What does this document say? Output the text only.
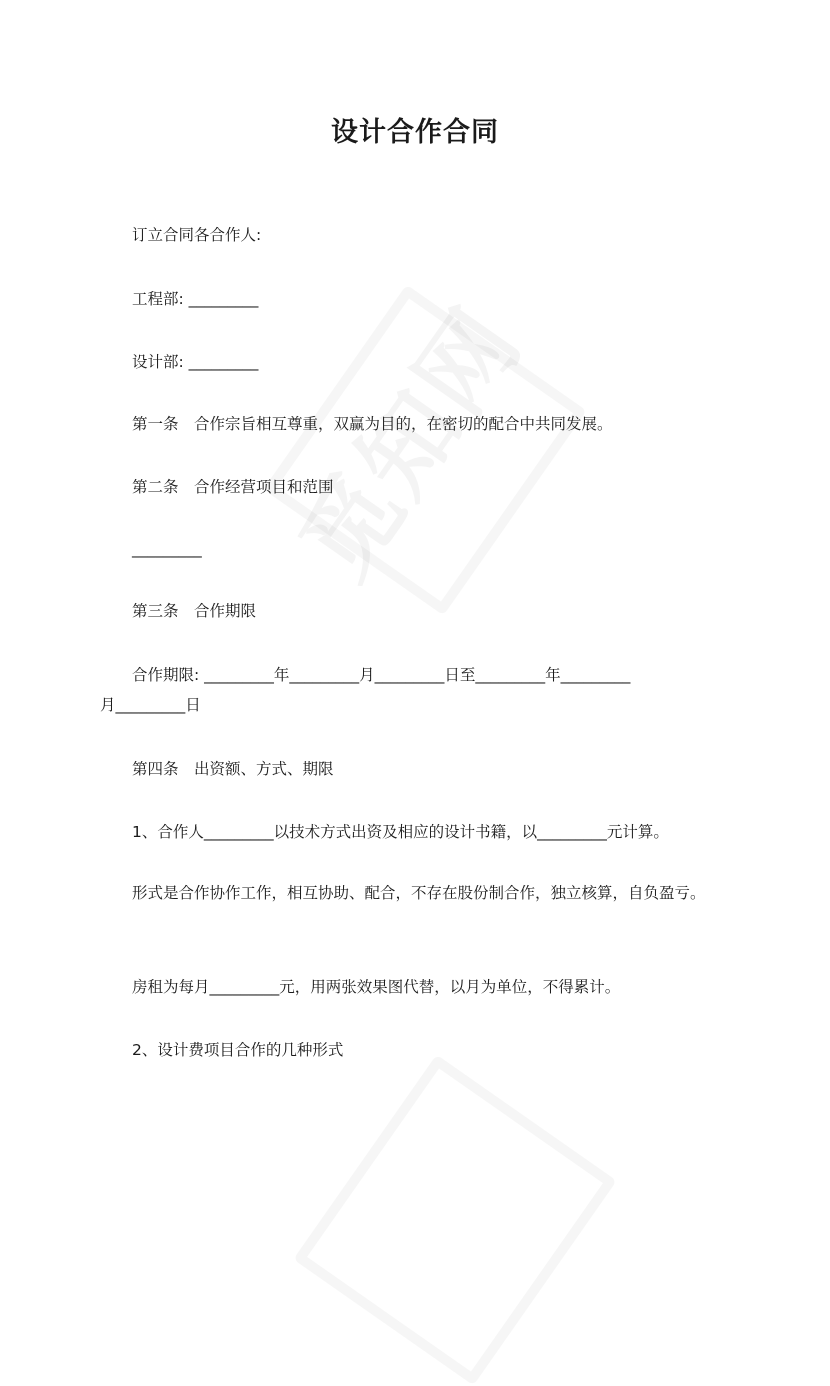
设计合作合同
订立合同各合作人:
工程部: _________
设计部: _________
第一条　合作宗旨相互尊重，双赢为目的，在密切的配合中共同发展。
第二条　合作经营项目和范围
_________
第三条　合作期限
合作期限: _________年_________月_________日至_________年_________
月_________日
第四条　出资额、方式、期限
1、合作人_________以技术方式出资及相应的设计书籍，以_________元计算。
形式是合作协作工作，相互协助、配合，不存在股份制合作，独立核算，自负盈亏。
房租为每月_________元，用两张效果图代替，以月为单位，不得累计。
2、设计费项目合作的几种形式
